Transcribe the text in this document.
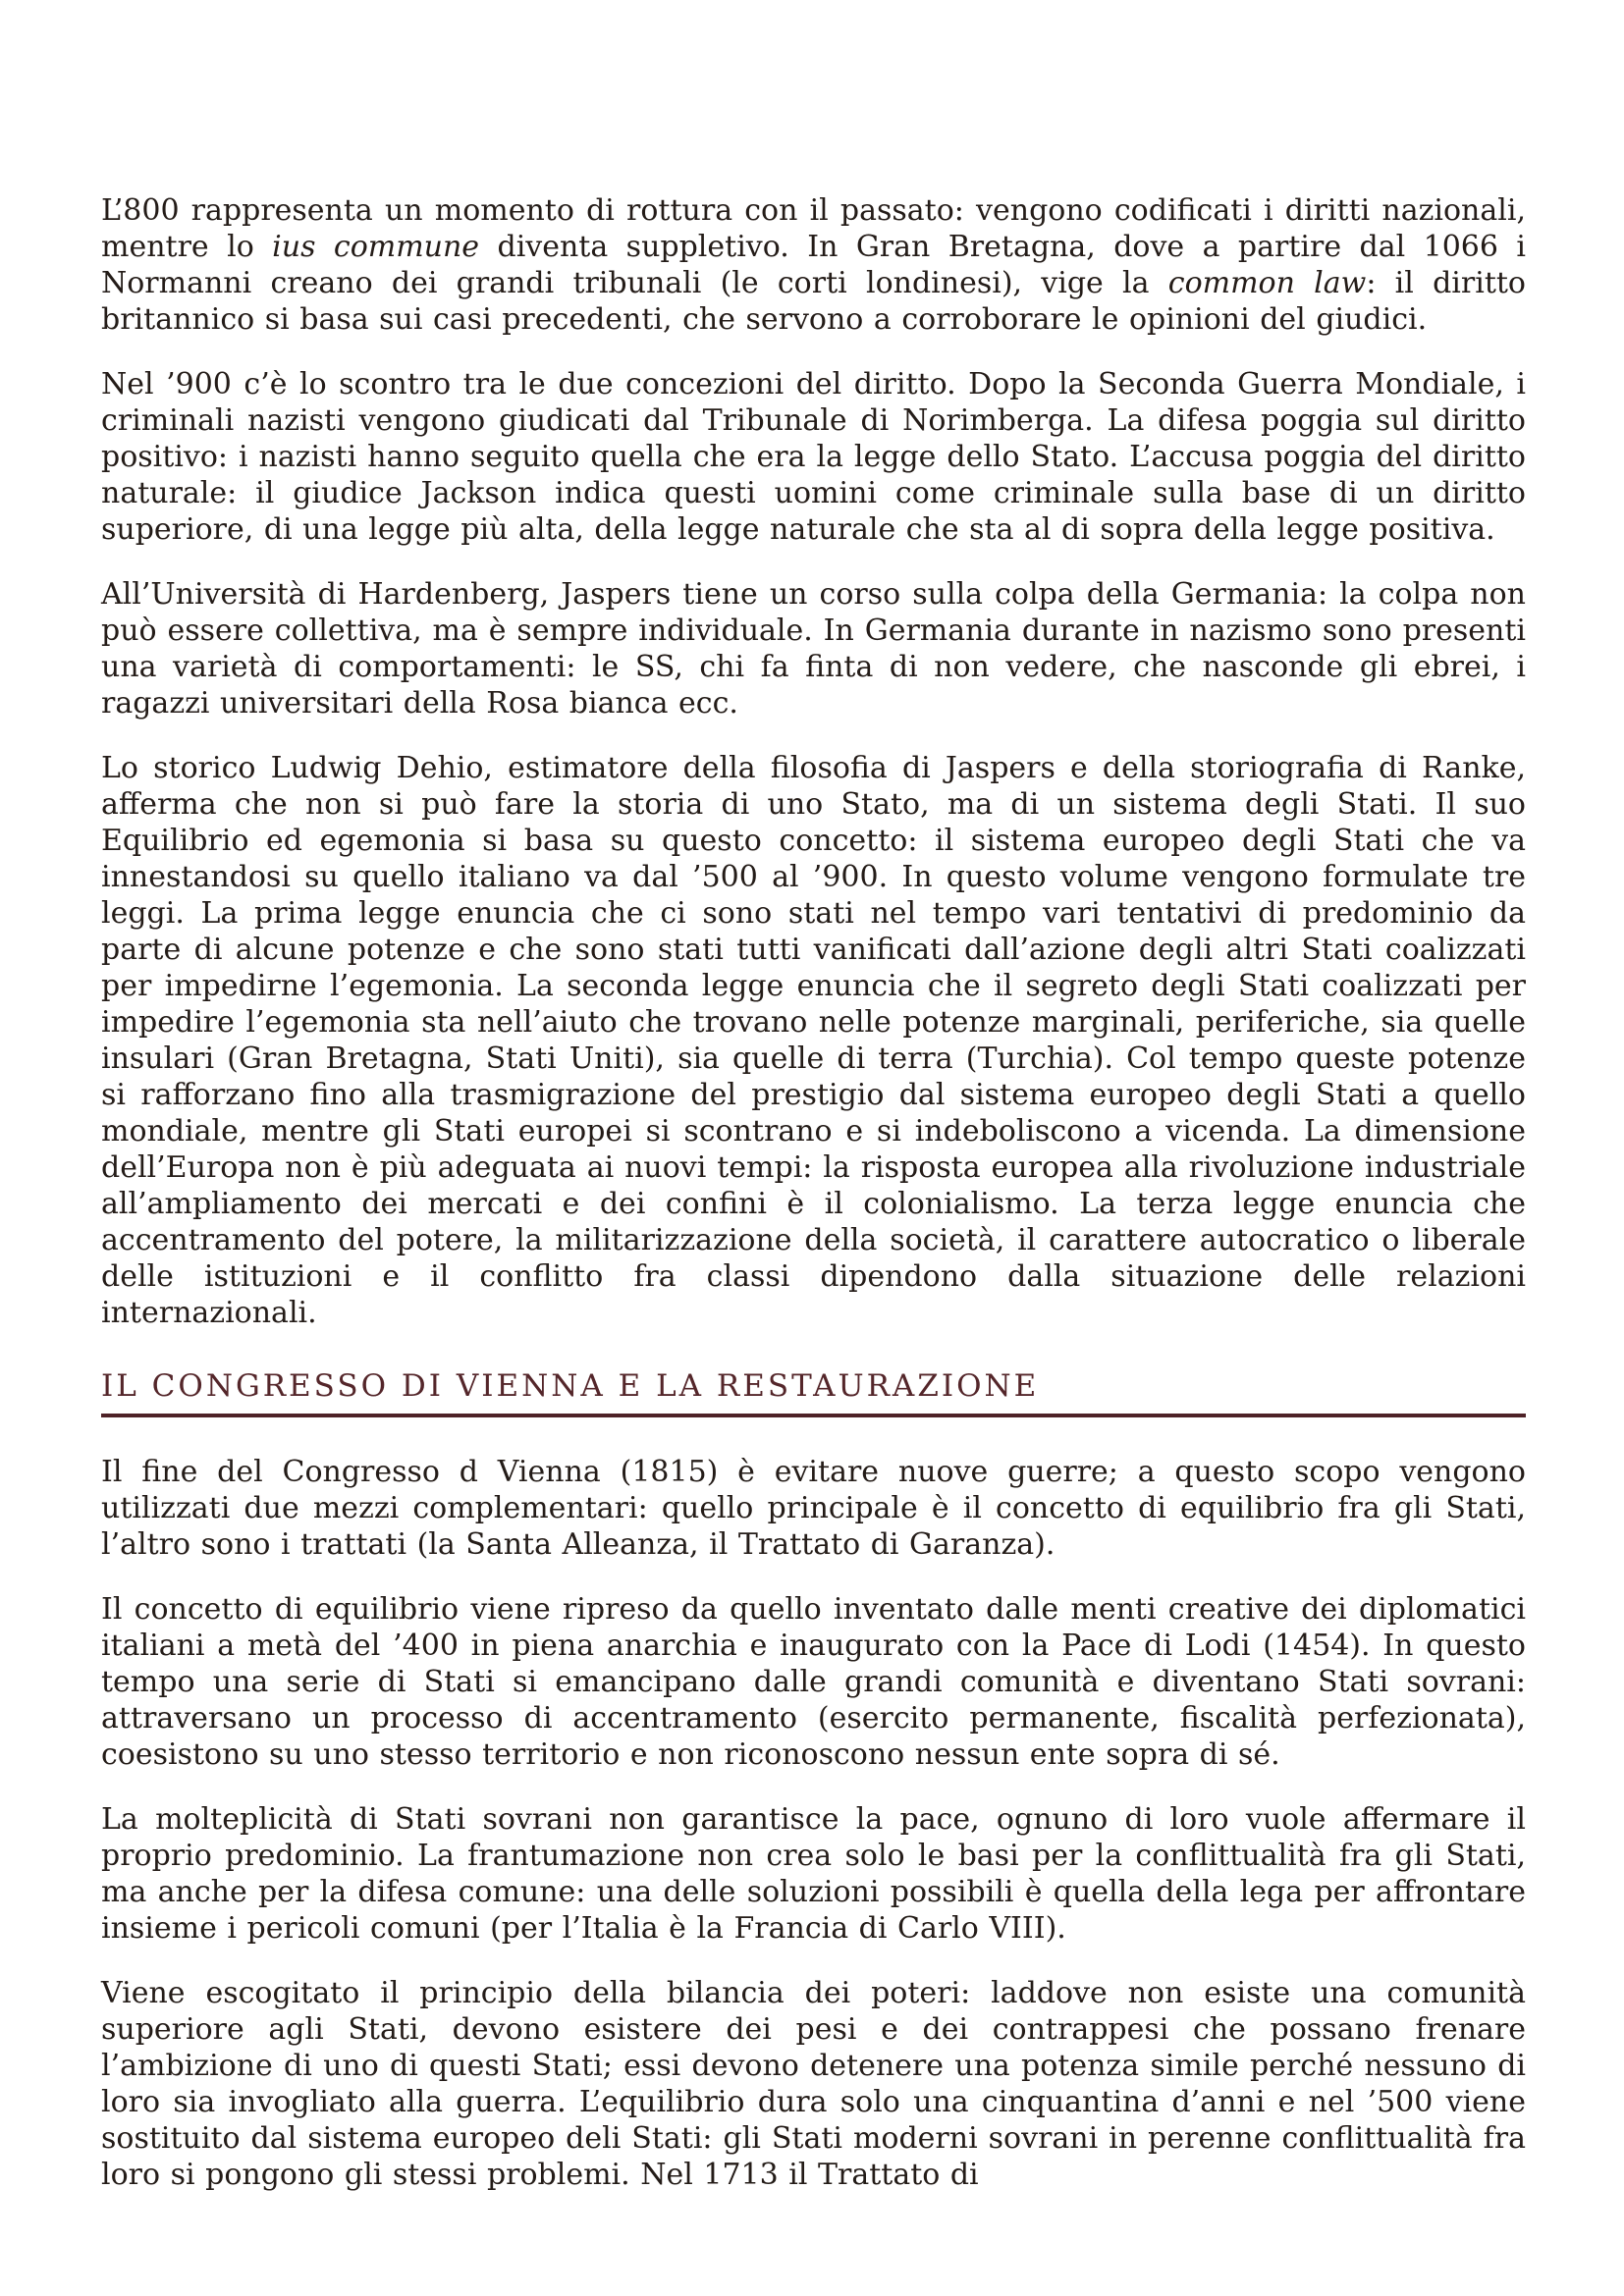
L’800 rappresenta un momento di rottura con il passato: vengono codificati i diritti nazionali, mentre lo ius commune diventa suppletivo. In Gran Bretagna, dove a partire dal 1066 i Normanni creano dei grandi tribunali (le corti londinesi), vige la common law: il diritto britannico si basa sui casi precedenti, che servono a corroborare le opinioni del giudici.

Nel ’900 c’è lo scontro tra le due concezioni del diritto. Dopo la Seconda Guerra Mondiale, i criminali nazisti vengono giudicati dal Tribunale di Norimberga. La difesa poggia sul diritto positivo: i nazisti hanno seguito quella che era la legge dello Stato. L’accusa poggia del diritto naturale: il giudice Jackson indica questi uomini come criminale sulla base di un diritto superiore, di una legge più alta, della legge naturale che sta al di sopra della legge positiva.

All’Università di Hardenberg, Jaspers tiene un corso sulla colpa della Germania: la colpa non può essere collettiva, ma è sempre individuale. In Germania durante in nazismo sono presenti una varietà di comportamenti: le SS, chi fa finta di non vedere, che nasconde gli ebrei, i ragazzi universitari della Rosa bianca ecc.

Lo storico Ludwig Dehio, estimatore della filosofia di Jaspers e della storiografia di Ranke, afferma che non si può fare la storia di uno Stato, ma di un sistema degli Stati. Il suo Equilibrio ed egemonia si basa su questo concetto: il sistema europeo degli Stati che va innestandosi su quello italiano va dal ’500 al ’900. In questo volume vengono formulate tre leggi. La prima legge enuncia che ci sono stati nel tempo vari tentativi di predominio da parte di alcune potenze e che sono stati tutti vanificati dall’azione degli altri Stati coalizzati per impedirne l’egemonia. La seconda legge enuncia che il segreto degli Stati coalizzati per impedire l’egemonia sta nell’aiuto che trovano nelle potenze marginali, periferiche, sia quelle insulari (Gran Bretagna, Stati Uniti), sia quelle di terra (Turchia). Col tempo queste potenze si rafforzano fino alla trasmigrazione del prestigio dal sistema europeo degli Stati a quello mondiale, mentre gli Stati europei si scontrano e si indeboliscono a vicenda. La dimensione dell’Europa non è più adeguata ai nuovi tempi: la risposta europea alla rivoluzione industriale all’ampliamento dei mercati e dei confini è il colonialismo. La terza legge enuncia che accentramento del potere, la militarizzazione della società, il carattere autocratico o liberale delle istituzioni e il conflitto fra classi dipendono dalla situazione delle relazioni internazionali.

IL CONGRESSO DI VIENNA E LA RESTAURAZIONE

Il fine del Congresso d Vienna (1815) è evitare nuove guerre; a questo scopo vengono utilizzati due mezzi complementari: quello principale è il concetto di equilibrio fra gli Stati, l’altro sono i trattati (la Santa Alleanza, il Trattato di Garanza).

Il concetto di equilibrio viene ripreso da quello inventato dalle menti creative dei diplomatici italiani a metà del ’400 in piena anarchia e inaugurato con la Pace di Lodi (1454). In questo tempo una serie di Stati si emancipano dalle grandi comunità e diventano Stati sovrani: attraversano un processo di accentramento (esercito permanente, fiscalità perfezionata), coesistono su uno stesso territorio e non riconoscono nessun ente sopra di sé.

La molteplicità di Stati sovrani non garantisce la pace, ognuno di loro vuole affermare il proprio predominio. La frantumazione non crea solo le basi per la conflittualità fra gli Stati, ma anche per la difesa comune: una delle soluzioni possibili è quella della lega per affrontare insieme i pericoli comuni (per l’Italia è la Francia di Carlo VIII).

Viene escogitato il principio della bilancia dei poteri: laddove non esiste una comunità superiore agli Stati, devono esistere dei pesi e dei contrappesi che possano frenare l’ambizione di uno di questi Stati; essi devono detenere una potenza simile perché nessuno di loro sia invogliato alla guerra. L’equilibrio dura solo una cinquantina d’anni e nel ’500 viene sostituito dal sistema europeo deli Stati: gli Stati moderni sovrani in perenne conflittualità fra loro si pongono gli stessi problemi. Nel 1713 il Trattato di
